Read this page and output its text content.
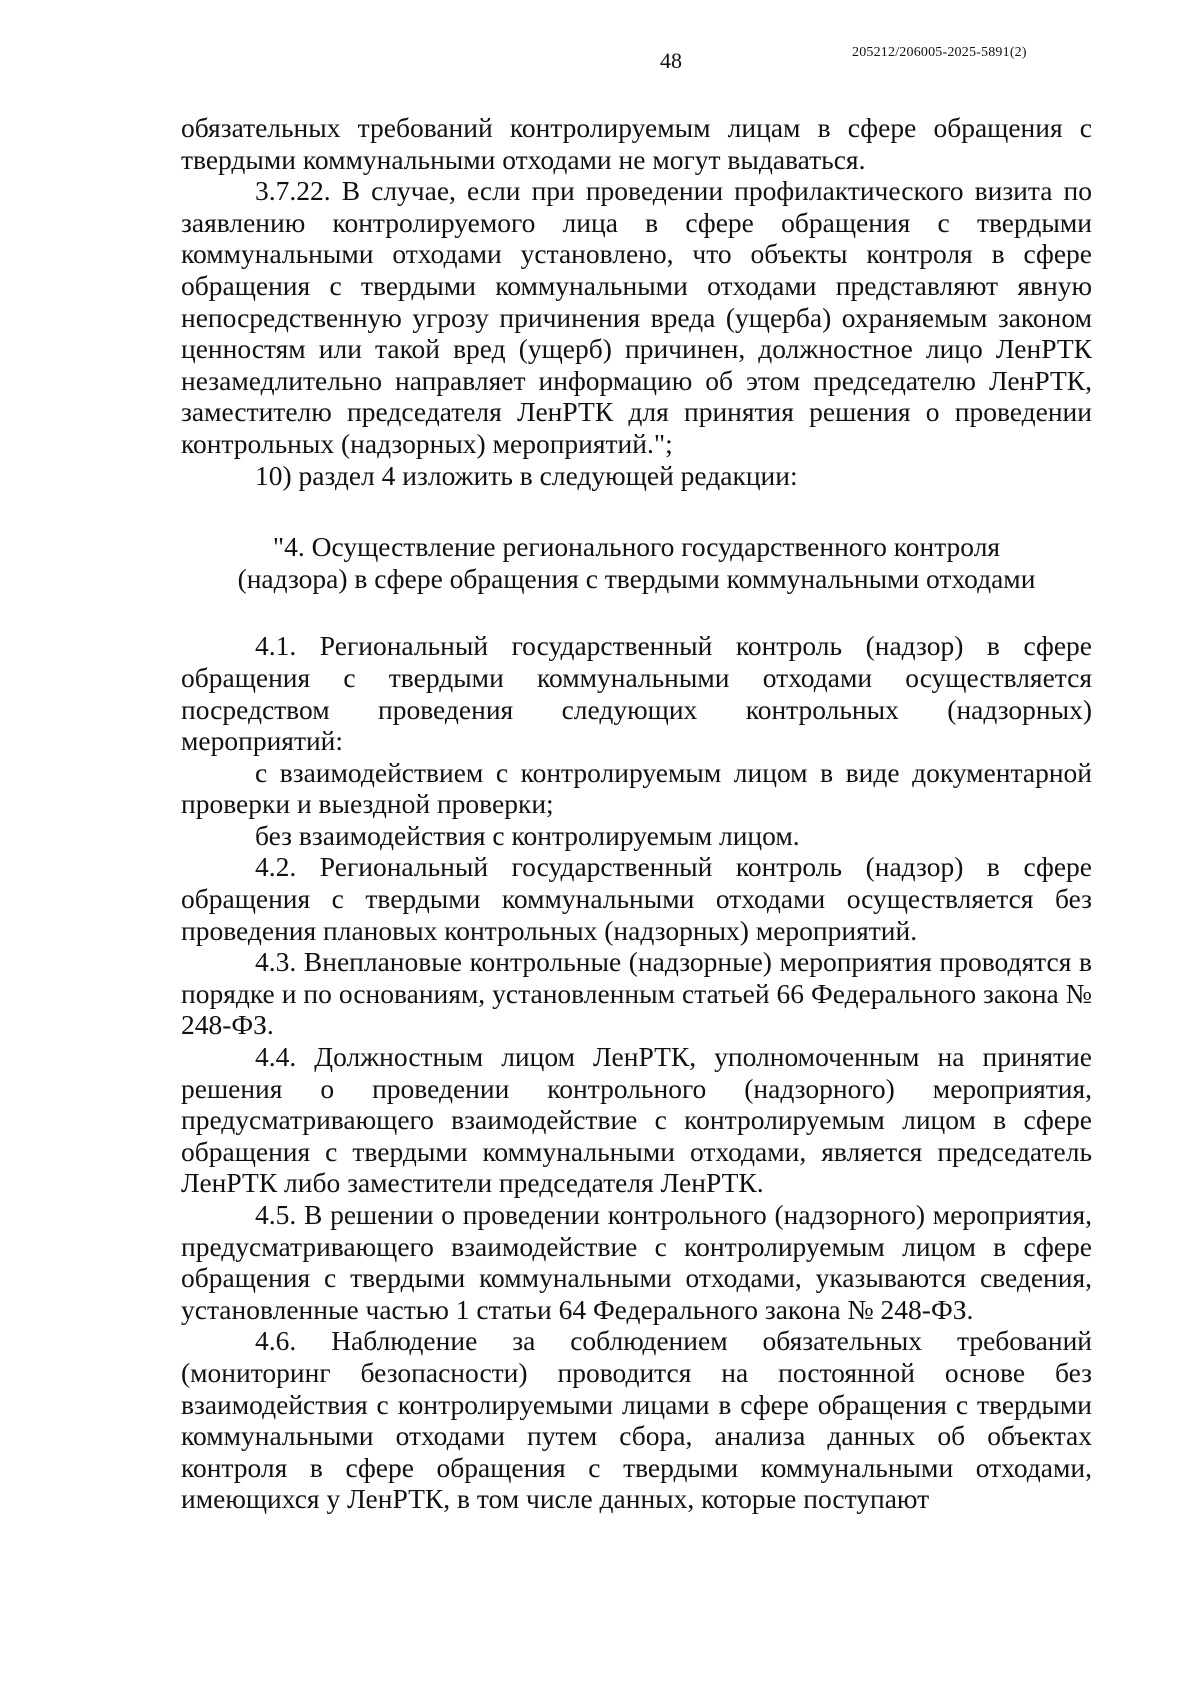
48	205212/206005-2025-5891(2)

обязательных требований контролируемым лицам в сфере обращения с твердыми коммунальными отходами не могут выдаваться.

3.7.22. В случае, если при проведении профилактического визита по заявлению контролируемого лица в сфере обращения с твердыми коммунальными отходами установлено, что объекты контроля в сфере обращения с твердыми коммунальными отходами представляют явную непосредственную угрозу причинения вреда (ущерба) охраняемым законом ценностям или такой вред (ущерб) причинен, должностное лицо ЛенРТК незамедлительно направляет информацию об этом председателю ЛенРТК, заместителю председателя ЛенРТК для принятия решения о проведении контрольных (надзорных) мероприятий.";

10) раздел 4 изложить в следующей редакции:

"4. Осуществление регионального государственного контроля
(надзора) в сфере обращения с твердыми коммунальными отходами

4.1. Региональный государственный контроль (надзор) в сфере обращения с твердыми коммунальными отходами осуществляется посредством проведения следующих контрольных (надзорных) мероприятий:

с взаимодействием с контролируемым лицом в виде документарной проверки и выездной проверки;

без взаимодействия с контролируемым лицом.

4.2. Региональный государственный контроль (надзор) в сфере обращения с твердыми коммунальными отходами осуществляется без проведения плановых контрольных (надзорных) мероприятий.

4.3. Внеплановые контрольные (надзорные) мероприятия проводятся в порядке и по основаниям, установленным статьей 66 Федерального закона № 248-ФЗ.

4.4. Должностным лицом ЛенРТК, уполномоченным на принятие решения о проведении контрольного (надзорного) мероприятия, предусматривающего взаимодействие с контролируемым лицом в сфере обращения с твердыми коммунальными отходами, является председатель ЛенРТК либо заместители председателя ЛенРТК.

4.5. В решении о проведении контрольного (надзорного) мероприятия, предусматривающего взаимодействие с контролируемым лицом в сфере обращения с твердыми коммунальными отходами, указываются сведения, установленные частью 1 статьи 64 Федерального закона № 248-ФЗ.

4.6. Наблюдение за соблюдением обязательных требований (мониторинг безопасности) проводится на постоянной основе без взаимодействия с контролируемыми лицами в сфере обращения с твердыми коммунальными отходами путем сбора, анализа данных об объектах контроля в сфере обращения с твердыми коммунальными отходами, имеющихся у ЛенРТК, в том числе данных, которые поступают
